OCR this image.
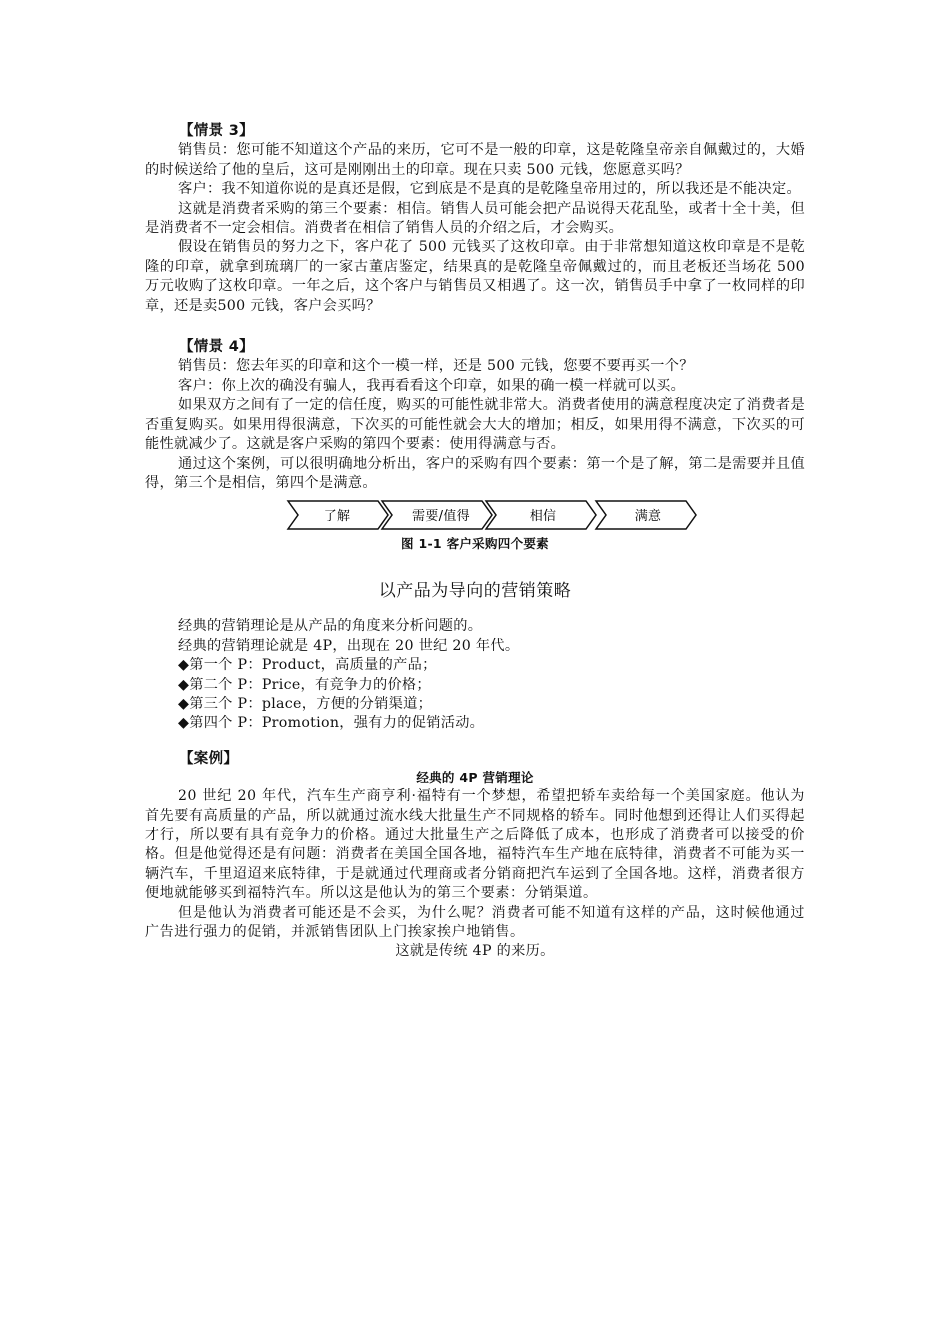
【情景 3】

销售员：您可能不知道这个产品的来历，它可不是一般的印章，这是乾隆皇帝亲自佩戴过的，大婚的时候送给了他的皇后，这可是刚刚出土的印章。现在只卖 500 元钱，您愿意买吗？

客户：我不知道你说的是真还是假，它到底是不是真的是乾隆皇帝用过的，所以我还是不能决定。

这就是消费者采购的第三个要素：相信。销售人员可能会把产品说得天花乱坠，或者十全十美，但是消费者不一定会相信。消费者在相信了销售人员的介绍之后，才会购买。

假设在销售员的努力之下，客户花了 500 元钱买了这枚印章。由于非常想知道这枚印章是不是乾隆的印章，就拿到琉璃厂的一家古董店鉴定，结果真的是乾隆皇帝佩戴过的，而且老板还当场花 500 万元收购了这枚印章。一年之后，这个客户与销售员又相遇了。这一次，销售员手中拿了一枚同样的印章，还是卖500 元钱，客户会买吗？

【情景 4】

销售员：您去年买的印章和这个一模一样，还是 500 元钱，您要不要再买一个？

客户：你上次的确没有骗人，我再看看这个印章，如果的确一模一样就可以买。

如果双方之间有了一定的信任度，购买的可能性就非常大。消费者使用的满意程度决定了消费者是否重复购买。如果用得很满意，下次买的可能性就会大大的增加；相反，如果用得不满意，下次买的可能性就减少了。这就是客户采购的第四个要素：使用得满意与否。

通过这个案例，可以很明确地分析出，客户的采购有四个要素：第一个是了解，第二是需要并且值得，第三个是相信，第四个是满意。

了解	需要/值得	相信	满意
图 1-1 客户采购四个要素
以产品为导向的营销策略

经典的营销理论是从产品的角度来分析问题的。

经典的营销理论就是 4P，出现在 20 世纪 20 年代。

◆第一个 P：Product，高质量的产品；

◆第二个 P：Price，有竞争力的价格；

◆第三个 P：place，方便的分销渠道；

◆第四个 P：Promotion，强有力的促销活动。

【案例】
经典的 4P 营销理论

20 世纪 20 年代，汽车生产商亨利·福特有一个梦想，希望把轿车卖给每一个美国家庭。他认为首先要有高质量的产品，所以就通过流水线大批量生产不同规格的轿车。同时他想到还得让人们买得起才行，所以要有具有竞争力的价格。通过大批量生产之后降低了成本，也形成了消费者可以接受的价格。但是他觉得还是有问题：消费者在美国全国各地，福特汽车生产地在底特律，消费者不可能为买一辆汽车，千里迢迢来底特律，于是就通过代理商或者分销商把汽车运到了全国各地。这样，消费者很方便地就能够买到福特汽车。所以这是他认为的第三个要素：分销渠道。

但是他认为消费者可能还是不会买，为什么呢？消费者可能不知道有这样的产品，这时候他通过广告进行强力的促销，并派销售团队上门挨家挨户地销售。

这就是传统 4P 的来历。
